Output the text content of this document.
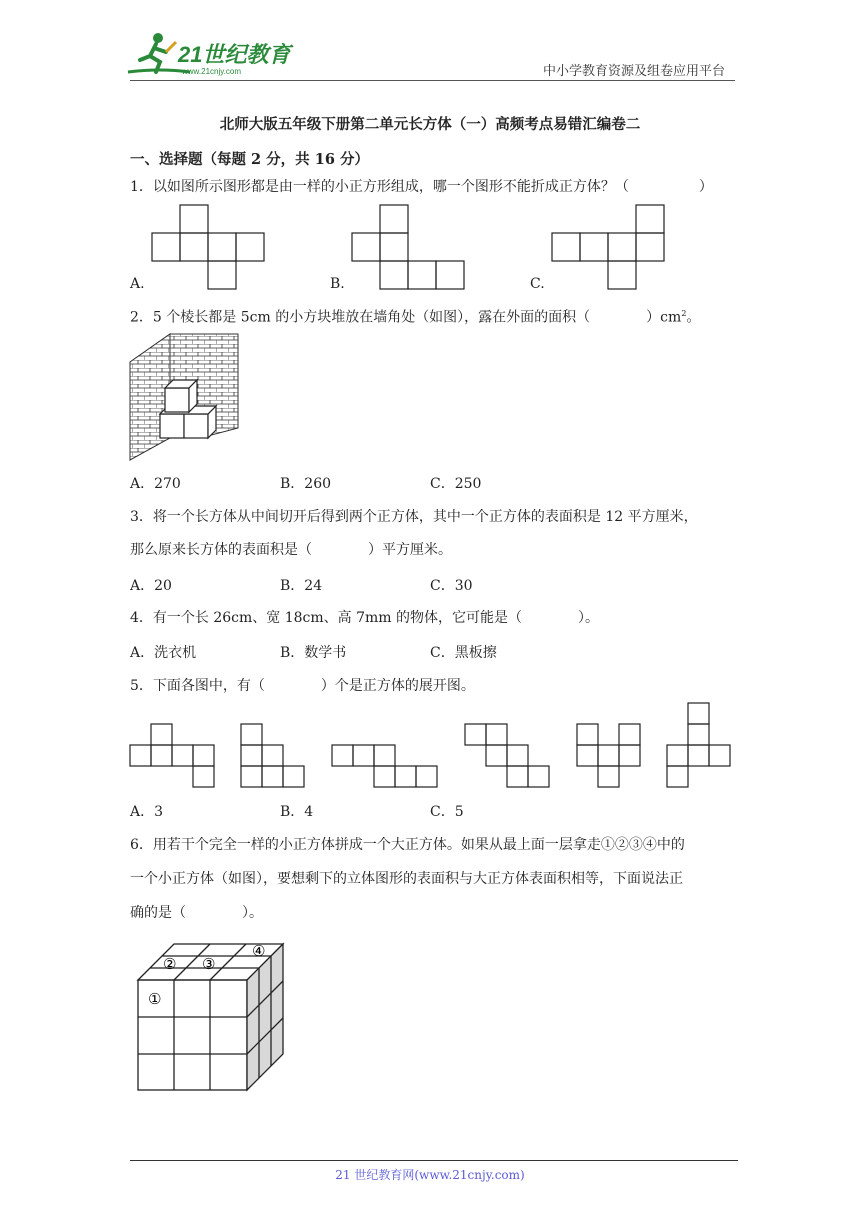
21世纪教育
www.21cnjy.com	中小学教育资源及组卷应用平台
北师大版五年级下册第二单元长方体（一）高频考点易错汇编卷二
一、选择题（每题 2 分，共 16 分）
1．以如图所示图形都是由一样的小正方形组成，哪一个图形不能折成正方体？（　　　　　）
A.	B.	C.
2．5 个棱长都是 5cm 的小方块堆放在墙角处（如图），露在外面的面积（　　　　）$cm^2$。
A．270	B．260	C．250
3．将一个长方体从中间切开后得到两个正方体，其中一个正方体的表面积是 12 平方厘米，
那么原来长方体的表面积是（　　　　）平方厘米。
A．20	B．24	C．30
4．有一个长 26cm、宽 18cm、高 7mm 的物体，它可能是（　　　　）。
A．洗衣机	B．数学书	C．黑板擦
5．下面各图中，有（　　　　）个是正方体的展开图。
A．3	B．4	C．5
6．用若干个完全一样的小正方体拼成一个大正方体。如果从最上面一层拿走①②③④中的
一个小正方体（如图），要想剩下的立体图形的表面积与大正方体表面积相等，下面说法正
确的是（　　　　）。
①
② ③
④
21 世纪教育网(www.21cnjy.com)
